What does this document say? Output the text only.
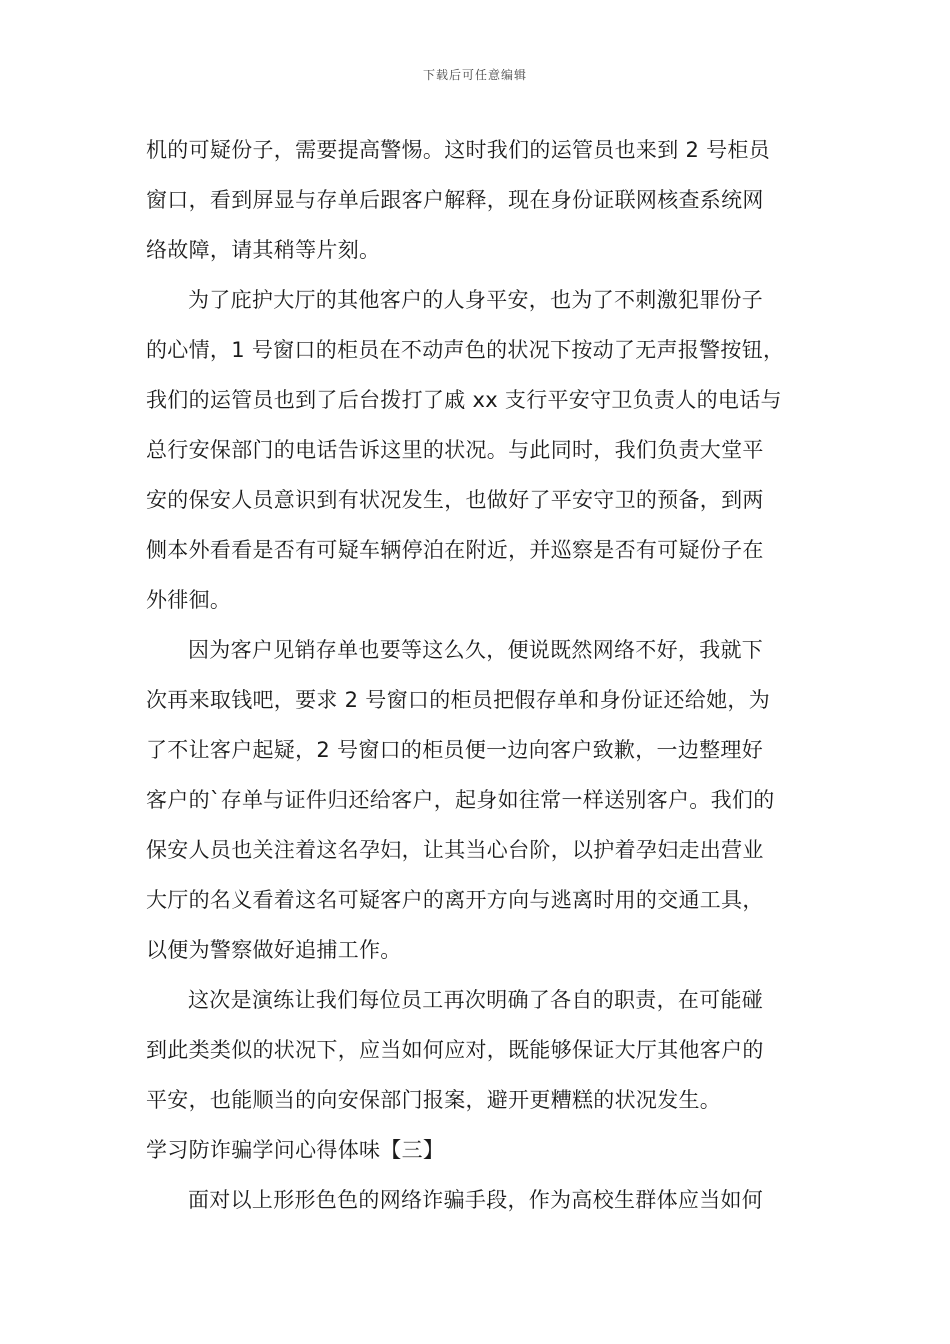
下载后可任意编辑
机的可疑份子，需要提高警惕。这时我们的运管员也来到 2 号柜员
窗口，看到屏显与存单后跟客户解释，现在身份证联网核查系统网
络故障，请其稍等片刻。
为了庇护大厅的其他客户的人身平安，也为了不刺激犯罪份子
的心情，1 号窗口的柜员在不动声色的状况下按动了无声报警按钮，
我们的运管员也到了后台拨打了戚 xx 支行平安守卫负责人的电话与
总行安保部门的电话告诉这里的状况。与此同时，我们负责大堂平
安的保安人员意识到有状况发生，也做好了平安守卫的预备，到两
侧本外看看是否有可疑车辆停泊在附近，并巡察是否有可疑份子在
外徘徊。
因为客户见销存单也要等这么久，便说既然网络不好，我就下
次再来取钱吧，要求 2 号窗口的柜员把假存单和身份证还给她，为
了不让客户起疑，2 号窗口的柜员便一边向客户致歉，一边整理好
客户的`存单与证件归还给客户，起身如往常一样送别客户。我们的
保安人员也关注着这名孕妇，让其当心台阶，以护着孕妇走出营业
大厅的名义看着这名可疑客户的离开方向与逃离时用的交通工具，
以便为警察做好追捕工作。
这次是演练让我们每位员工再次明确了各自的职责，在可能碰
到此类类似的状况下，应当如何应对，既能够保证大厅其他客户的
平安，也能顺当的向安保部门报案，避开更糟糕的状况发生。
学习防诈骗学问心得体味【三】
面对以上形形色色的网络诈骗手段，作为高校生群体应当如何
